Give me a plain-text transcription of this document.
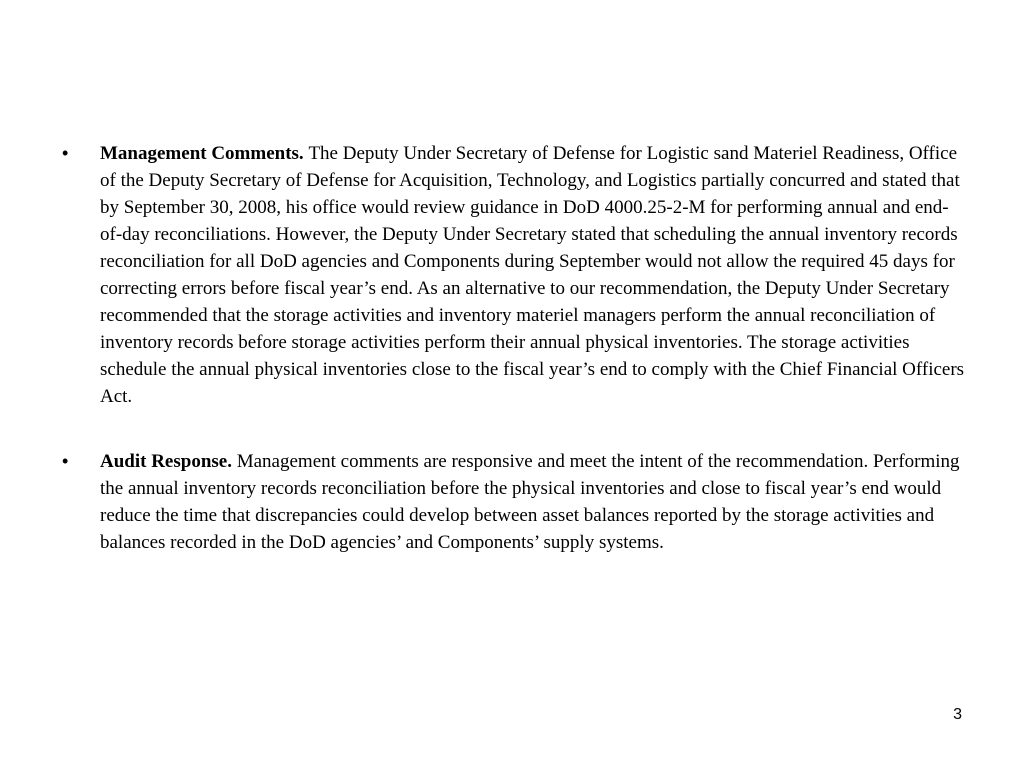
• Management Comments. The Deputy Under Secretary of Defense for Logistic sand Materiel Readiness, Office of the Deputy Secretary of Defense for Acquisition, Technology, and Logistics partially concurred and stated that by September 30, 2008, his office would review guidance in DoD 4000.25-2-M for performing annual and end-of-day reconciliations. However, the Deputy Under Secretary stated that scheduling the annual inventory records reconciliation for all DoD agencies and Components during September would not allow the required 45 days for correcting errors before fiscal year’s end. As an alternative to our recommendation, the Deputy Under Secretary recommended that the storage activities and inventory materiel managers perform the annual reconciliation of inventory records before storage activities perform their annual physical inventories. The storage activities schedule the annual physical inventories close to the fiscal year’s end to comply with the Chief Financial Officers Act.
• Audit Response. Management comments are responsive and meet the intent of the recommendation. Performing the annual inventory records reconciliation before the physical inventories and close to fiscal year’s end would reduce the time that discrepancies could develop between asset balances reported by the storage activities and balances recorded in the DoD agencies’ and Components’ supply systems.
3
